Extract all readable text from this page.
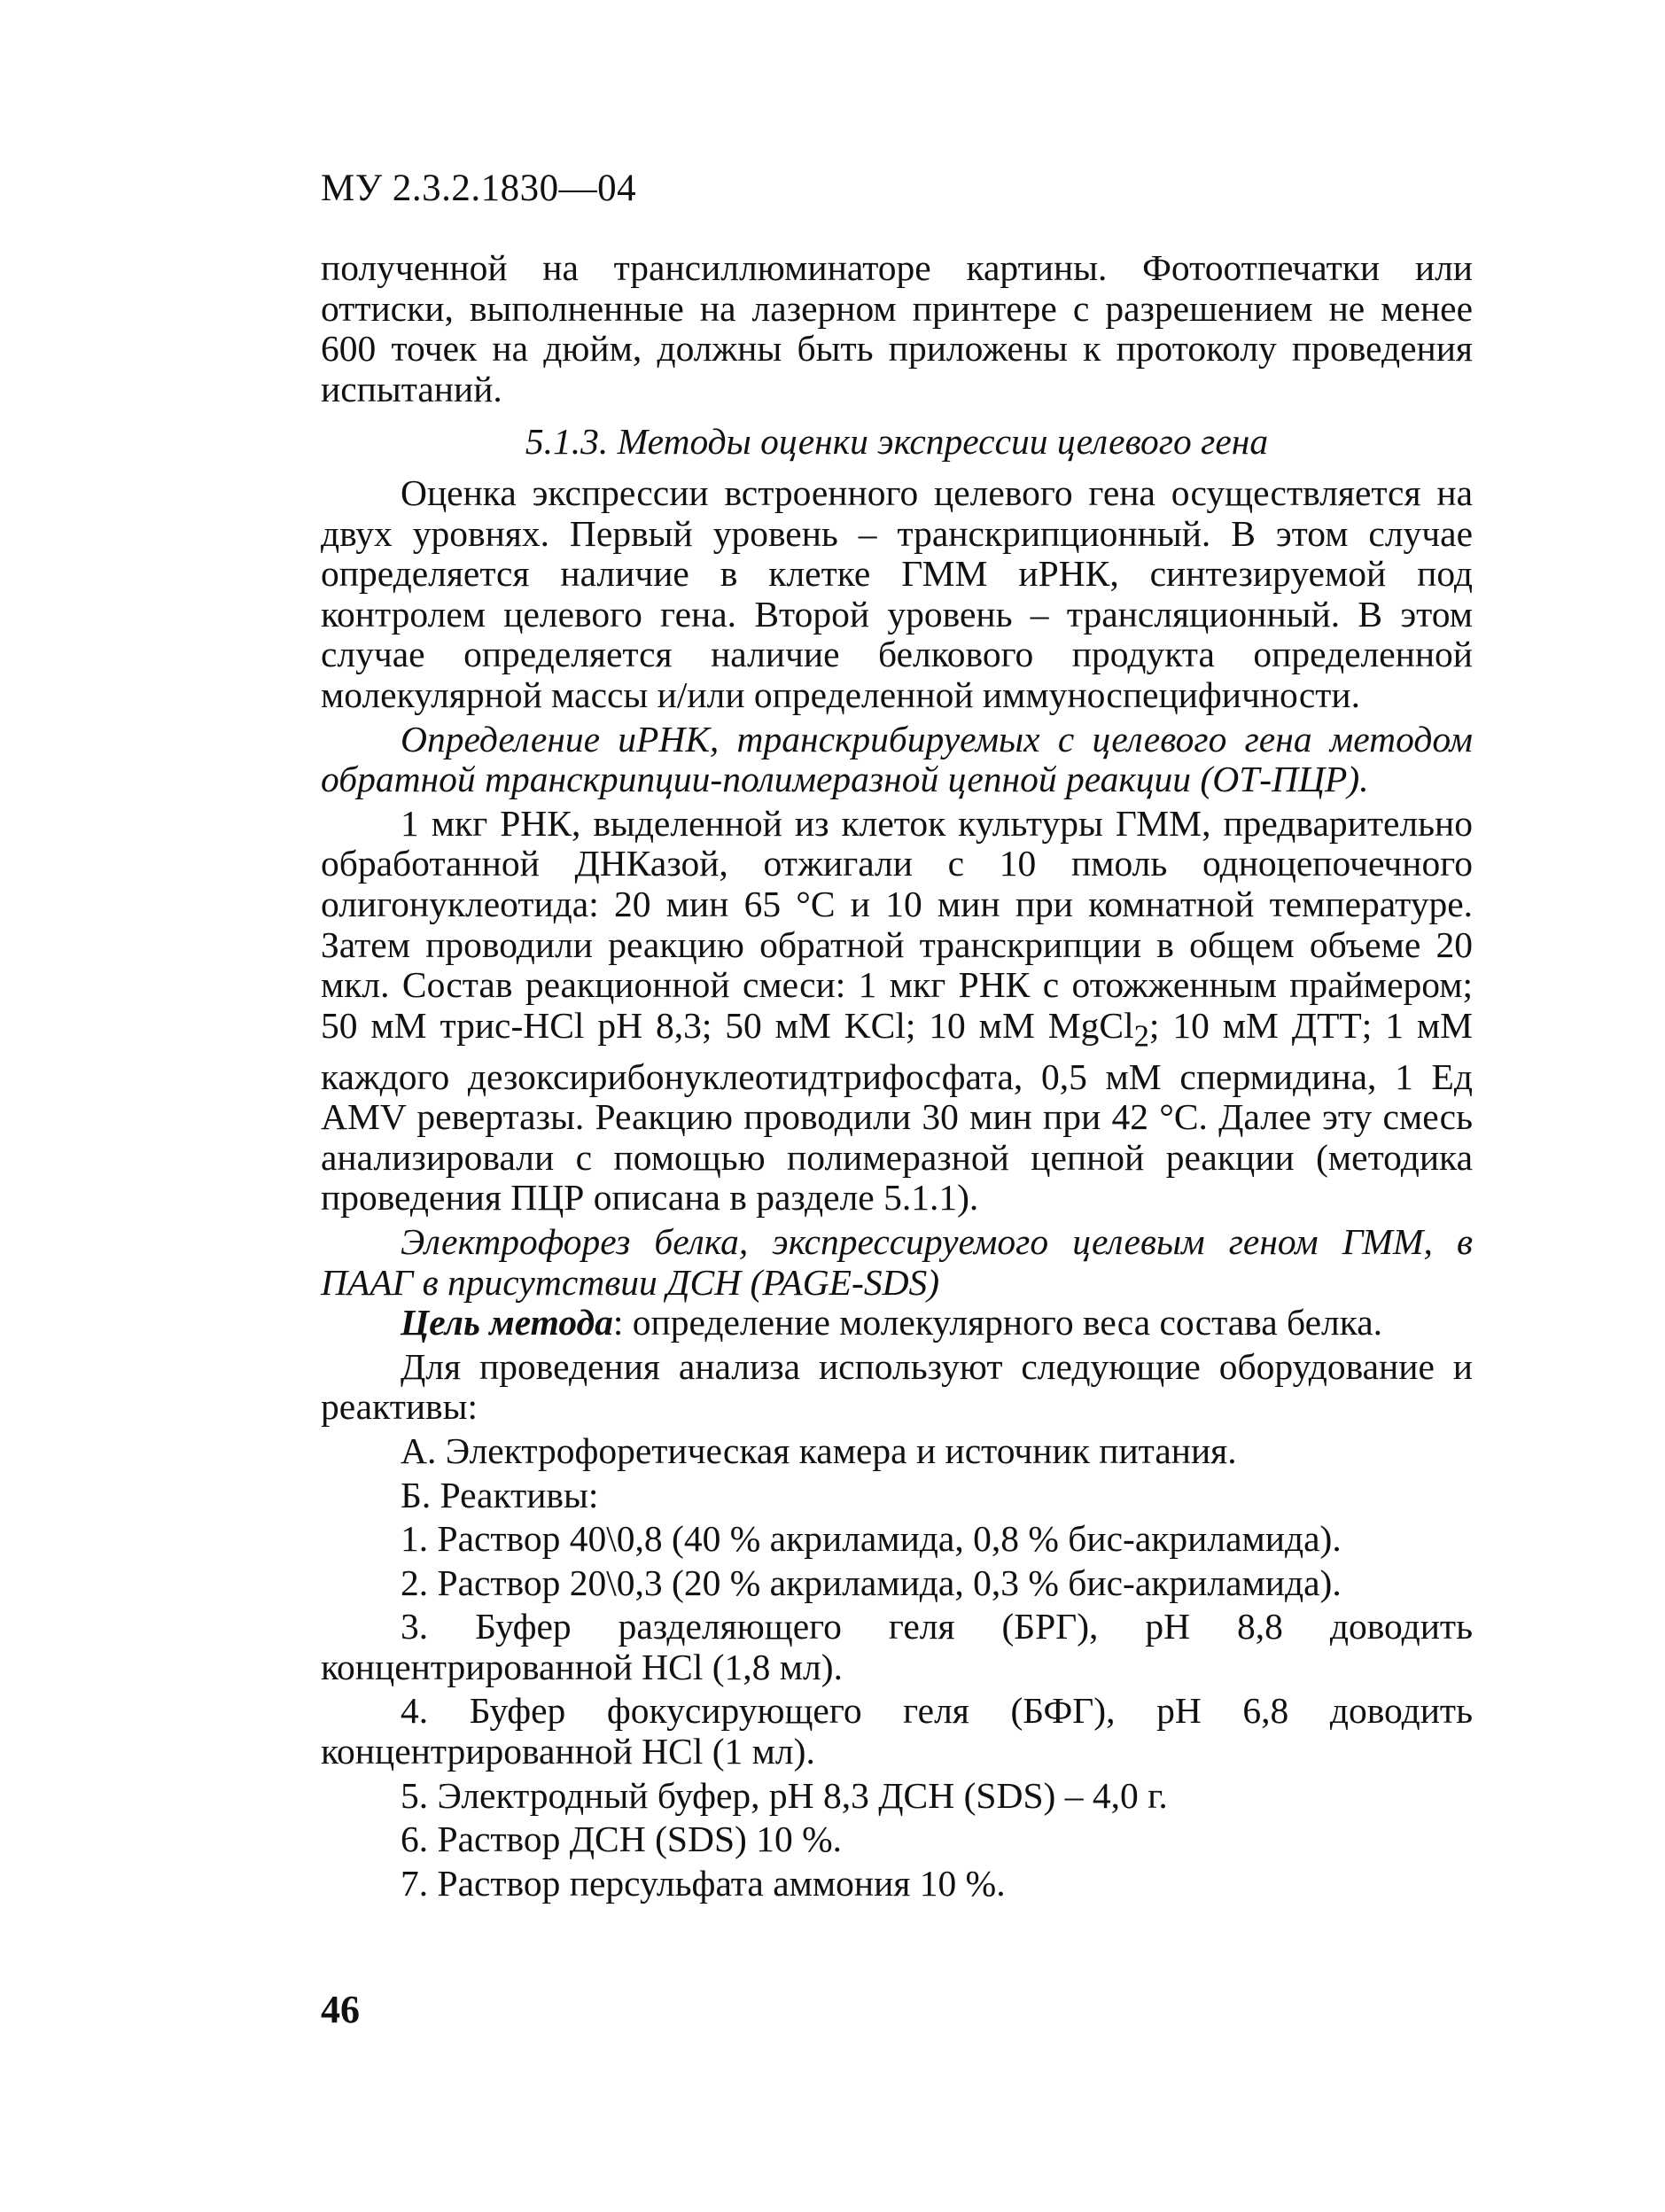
МУ 2.3.2.1830—04

полученной на трансиллюминаторе картины. Фотоотпечатки или оттиски, выполненные на лазерном принтере с разрешением не менее 600 точек на дюйм, должны быть приложены к протоколу проведения испытаний.

5.1.3. Методы оценки экспрессии целевого гена

Оценка экспрессии встроенного целевого гена осуществляется на двух уровнях. Первый уровень – транскрипционный. В этом случае определяется наличие в клетке ГММ иРНК, синтезируемой под контролем целевого гена. Второй уровень – трансляционный. В этом случае определяется наличие белкового продукта определенной молекулярной массы и/или определенной иммуноспецифичности.

Определение иРНК, транскрибируемых с целевого гена методом обратной транскрипции-полимеразной цепной реакции (ОТ-ПЦР).

1 мкг РНК, выделенной из клеток культуры ГММ, предварительно обработанной ДНКазой, отжигали с 10 пмоль одноцепочечного олигонуклеотида: 20 мин 65 °С и 10 мин при комнатной температуре. Затем проводили реакцию обратной транскрипции в общем объеме 20 мкл. Состав реакционной смеси: 1 мкг РНК с отожженным праймером; 50 мМ трис-HCl pH 8,3; 50 мМ KCl; 10 мМ MgCl$_2$; 10 мМ ДТТ; 1 мМ каждого дезоксирибонуклеотидтрифосфата, 0,5 мМ спермидина, 1 Ед AMV ревертазы. Реакцию проводили 30 мин при 42 °С. Далее эту смесь анализировали с помощью полимеразной цепной реакции (методика проведения ПЦР описана в разделе 5.1.1).

Электрофорез белка, экспрессируемого целевым геном ГММ, в ПААГ в присутствии ДСН (PAGE-SDS)

Цель метода: определение молекулярного веса состава белка.

Для проведения анализа используют следующие оборудование и реактивы:

А. Электрофоретическая камера и источник питания.

Б. Реактивы:

1. Раствор 40\0,8 (40 % акриламида, 0,8 % бис-акриламида).

2. Раствор 20\0,3 (20 % акриламида, 0,3 % бис-акриламида).

3. Буфер разделяющего геля (БРГ), pH 8,8 доводить концентрированной HCl (1,8 мл).

4. Буфер фокусирующего геля (БФГ), pH 6,8 доводить концентрированной HCl (1 мл).

5. Электродный буфер, pH 8,3 ДСН (SDS) – 4,0 г.

6. Раствор ДСН (SDS) 10 %.

7. Раствор персульфата аммония 10 %.

46
